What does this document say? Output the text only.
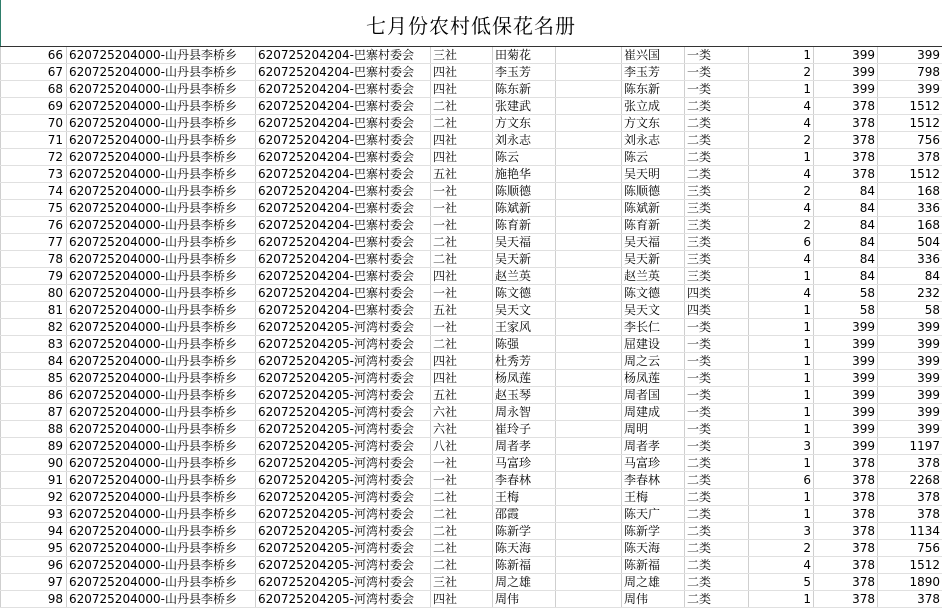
七月份农村低保花名册
66	620725204000-山丹县李桥乡	620725204204-巴寨村委会	三社	田菊花		崔兴国	一类	1	399	399
67	620725204000-山丹县李桥乡	620725204204-巴寨村委会	四社	李玉芳		李玉芳	一类	2	399	798
68	620725204000-山丹县李桥乡	620725204204-巴寨村委会	四社	陈东新		陈东新	一类	1	399	399
69	620725204000-山丹县李桥乡	620725204204-巴寨村委会	二社	张建武		张立成	二类	4	378	1512
70	620725204000-山丹县李桥乡	620725204204-巴寨村委会	二社	方文东		方文东	二类	4	378	1512
71	620725204000-山丹县李桥乡	620725204204-巴寨村委会	四社	刘永志		刘永志	二类	2	378	756
72	620725204000-山丹县李桥乡	620725204204-巴寨村委会	四社	陈云		陈云	二类	1	378	378
73	620725204000-山丹县李桥乡	620725204204-巴寨村委会	五社	施艳华		吴天明	二类	4	378	1512
74	620725204000-山丹县李桥乡	620725204204-巴寨村委会	一社	陈顺德		陈顺德	三类	2	84	168
75	620725204000-山丹县李桥乡	620725204204-巴寨村委会	一社	陈斌新		陈斌新	三类	4	84	336
76	620725204000-山丹县李桥乡	620725204204-巴寨村委会	一社	陈育新		陈育新	三类	2	84	168
77	620725204000-山丹县李桥乡	620725204204-巴寨村委会	二社	吴天福		吴天福	三类	6	84	504
78	620725204000-山丹县李桥乡	620725204204-巴寨村委会	二社	吴天新		吴天新	三类	4	84	336
79	620725204000-山丹县李桥乡	620725204204-巴寨村委会	四社	赵兰英		赵兰英	三类	1	84	84
80	620725204000-山丹县李桥乡	620725204204-巴寨村委会	一社	陈文德		陈文德	四类	4	58	232
81	620725204000-山丹县李桥乡	620725204204-巴寨村委会	五社	吴天文		吴天文	四类	1	58	58
82	620725204000-山丹县李桥乡	620725204205-河湾村委会	一社	王家风		李长仁	一类	1	399	399
83	620725204000-山丹县李桥乡	620725204205-河湾村委会	二社	陈强		屈建设	一类	1	399	399
84	620725204000-山丹县李桥乡	620725204205-河湾村委会	四社	杜秀芳		周之云	一类	1	399	399
85	620725204000-山丹县李桥乡	620725204205-河湾村委会	四社	杨凤莲		杨凤莲	一类	1	399	399
86	620725204000-山丹县李桥乡	620725204205-河湾村委会	五社	赵玉琴		周者国	一类	1	399	399
87	620725204000-山丹县李桥乡	620725204205-河湾村委会	六社	周永智		周建成	一类	1	399	399
88	620725204000-山丹县李桥乡	620725204205-河湾村委会	六社	崔玲子		周明	一类	1	399	399
89	620725204000-山丹县李桥乡	620725204205-河湾村委会	八社	周者孝		周者孝	一类	3	399	1197
90	620725204000-山丹县李桥乡	620725204205-河湾村委会	一社	马富珍		马富珍	二类	1	378	378
91	620725204000-山丹县李桥乡	620725204205-河湾村委会	一社	李春林		李春林	二类	6	378	2268
92	620725204000-山丹县李桥乡	620725204205-河湾村委会	二社	王梅		王梅	二类	1	378	378
93	620725204000-山丹县李桥乡	620725204205-河湾村委会	二社	邵霞		陈天广	二类	1	378	378
94	620725204000-山丹县李桥乡	620725204205-河湾村委会	二社	陈新学		陈新学	二类	3	378	1134
95	620725204000-山丹县李桥乡	620725204205-河湾村委会	二社	陈天海		陈天海	二类	2	378	756
96	620725204000-山丹县李桥乡	620725204205-河湾村委会	二社	陈新福		陈新福	二类	4	378	1512
97	620725204000-山丹县李桥乡	620725204205-河湾村委会	三社	周之雄		周之雄	二类	5	378	1890
98	620725204000-山丹县李桥乡	620725204205-河湾村委会	四社	周伟		周伟	二类	1	378	378
